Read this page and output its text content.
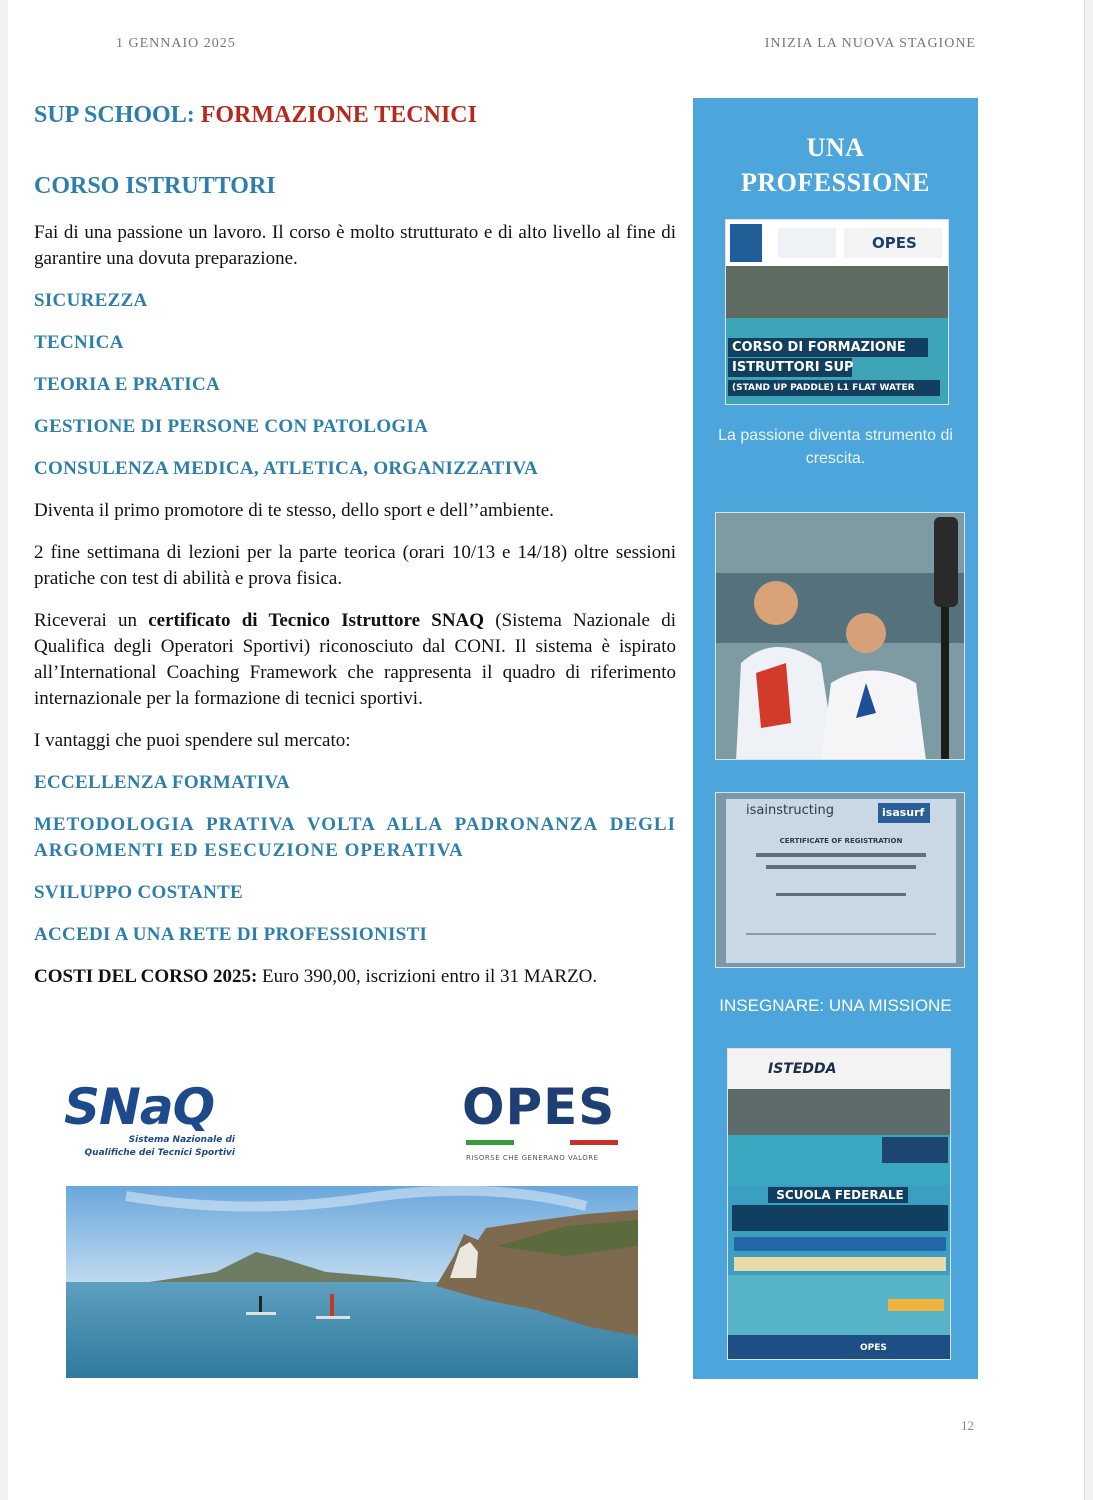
1 GENNAIO 2025	INIZIA LA NUOVA STAGIONE
SUP SCHOOL: FORMAZIONE TECNICI
CORSO ISTRUTTORI

Fai di una passione un lavoro. Il corso è molto strutturato e di alto livello al fine di garantire una dovuta preparazione.

SICUREZZA
TECNICA
TEORIA E PRATICA
GESTIONE DI PERSONE CON PATOLOGIA
CONSULENZA MEDICA, ATLETICA, ORGANIZZATIVA

Diventa il primo promotore di te stesso, dello sport e dell’’ambiente.

2 fine settimana di lezioni per la parte teorica (orari 10/13 e 14/18) oltre sessioni pratiche con test di abilità e prova fisica.

Riceverai un certificato di Tecnico Istruttore SNAQ (Sistema Nazionale di Qualifica degli Operatori Sportivi) riconosciuto dal CONI. Il sistema è ispirato all’International Coaching Framework che rappresenta il quadro di riferimento internazionale per la formazione di tecnici sportivi.

I vantaggi che puoi spendere sul mercato:

ECCELLENZA FORMATIVA
METODOLOGIA PRATIVA VOLTA ALLA PADRONANZA DEGLI ARGOMENTI ED ESECUZIONE OPERATIVA
SVILUPPO COSTANTE
ACCEDI A UNA RETE DI PROFESSIONISTI

COSTI DEL CORSO 2025: Euro 390,00, iscrizioni entro il 31 MARZO.

SNaQ
Sistema Nazionale di
Qualifiche dei Tecnici Sportivi
OPES
RISORSE CHE GENERANO VALORE
UNA
PROFESSIONE
OPES
CORSO DI FORMAZIONE
ISTRUTTORI SUP
(STAND UP PADDLE) L1 FLAT WATER
La passione diventa strumento di crescita.
isainstructing	isasurf
CERTIFICATE OF REGISTRATION
INSEGNARE: UNA MISSIONE
ISTEDDA
SCUOLA FEDERALE
OPES
12
